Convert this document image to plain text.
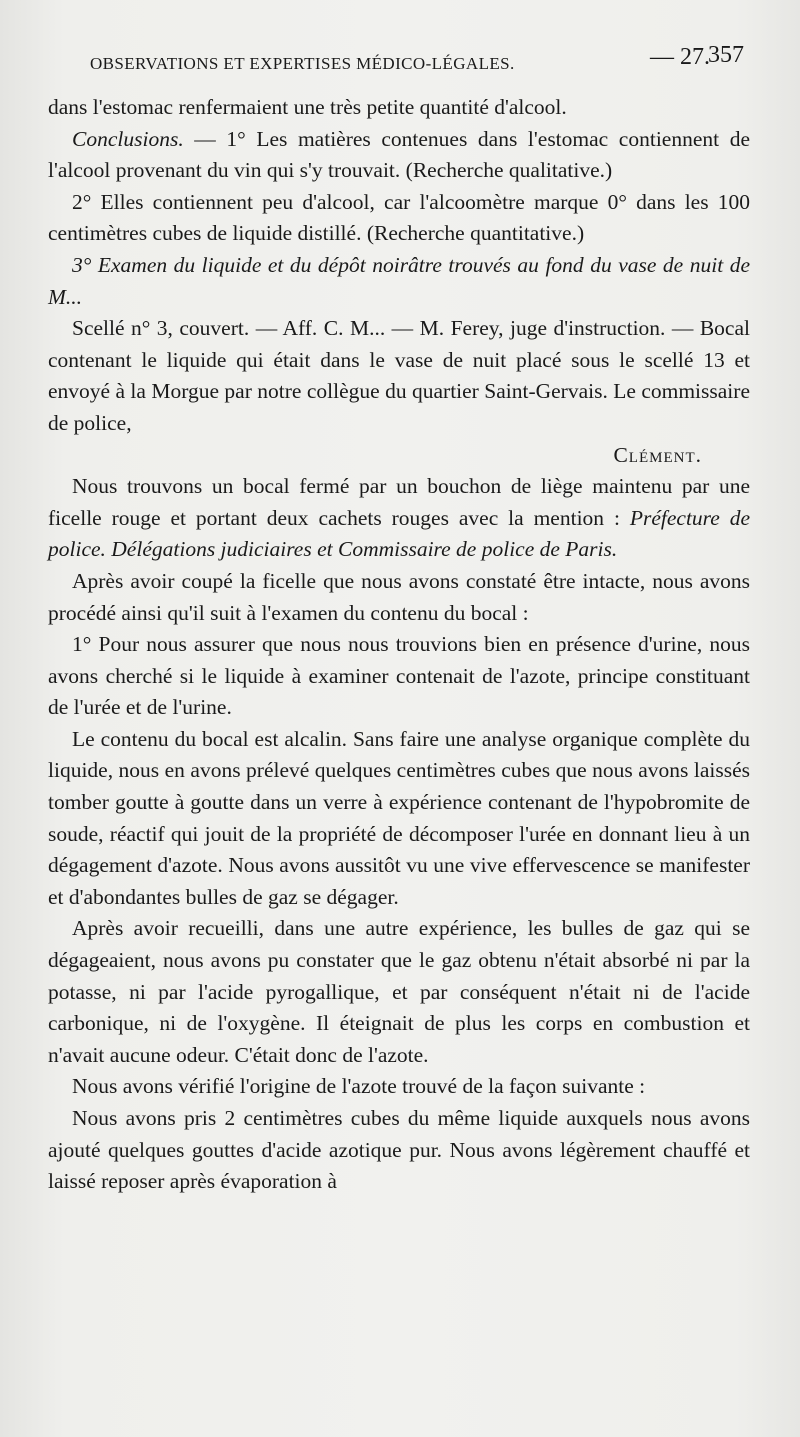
OBSERVATIONS ET EXPERTISES MÉDICO-LÉGALES.	— 27.
357

dans l'estomac renfermaient une très petite quantité d'alcool.

Conclusions. — 1° Les matières contenues dans l'estomac contiennent de l'alcool provenant du vin qui s'y trouvait. (Recherche qualitative.)

2° Elles contiennent peu d'alcool, car l'alcoomètre marque 0° dans les 100 centimètres cubes de liquide distillé. (Recherche quantitative.)

3° Examen du liquide et du dépôt noirâtre trouvés au fond du vase de nuit de M...

Scellé n° 3, couvert. — Aff. C. M... — M. Ferey, juge d'instruction. — Bocal contenant le liquide qui était dans le vase de nuit placé sous le scellé 13 et envoyé à la Morgue par notre collègue du quartier Saint-Gervais. Le commissaire de police,

Clément.

Nous trouvons un bocal fermé par un bouchon de liège maintenu par une ficelle rouge et portant deux cachets rouges avec la mention : Préfecture de police. Délégations judiciaires et Commissaire de police de Paris.

Après avoir coupé la ficelle que nous avons constaté être intacte, nous avons procédé ainsi qu'il suit à l'examen du contenu du bocal :

1° Pour nous assurer que nous nous trouvions bien en présence d'urine, nous avons cherché si le liquide à examiner contenait de l'azote, principe constituant de l'urée et de l'urine.

Le contenu du bocal est alcalin. Sans faire une analyse organique complète du liquide, nous en avons prélevé quelques centimètres cubes que nous avons laissés tomber goutte à goutte dans un verre à expérience contenant de l'hypobromite de soude, réactif qui jouit de la propriété de décomposer l'urée en donnant lieu à un dégagement d'azote. Nous avons aussitôt vu une vive effervescence se manifester et d'abondantes bulles de gaz se dégager.

Après avoir recueilli, dans une autre expérience, les bulles de gaz qui se dégageaient, nous avons pu constater que le gaz obtenu n'était absorbé ni par la potasse, ni par l'acide pyrogallique, et par conséquent n'était ni de l'acide carbonique, ni de l'oxygène. Il éteignait de plus les corps en combustion et n'avait aucune odeur. C'était donc de l'azote.

Nous avons vérifié l'origine de l'azote trouvé de la façon suivante :

Nous avons pris 2 centimètres cubes du même liquide auxquels nous avons ajouté quelques gouttes d'acide azotique pur. Nous avons légèrement chauffé et laissé reposer après évaporation à
